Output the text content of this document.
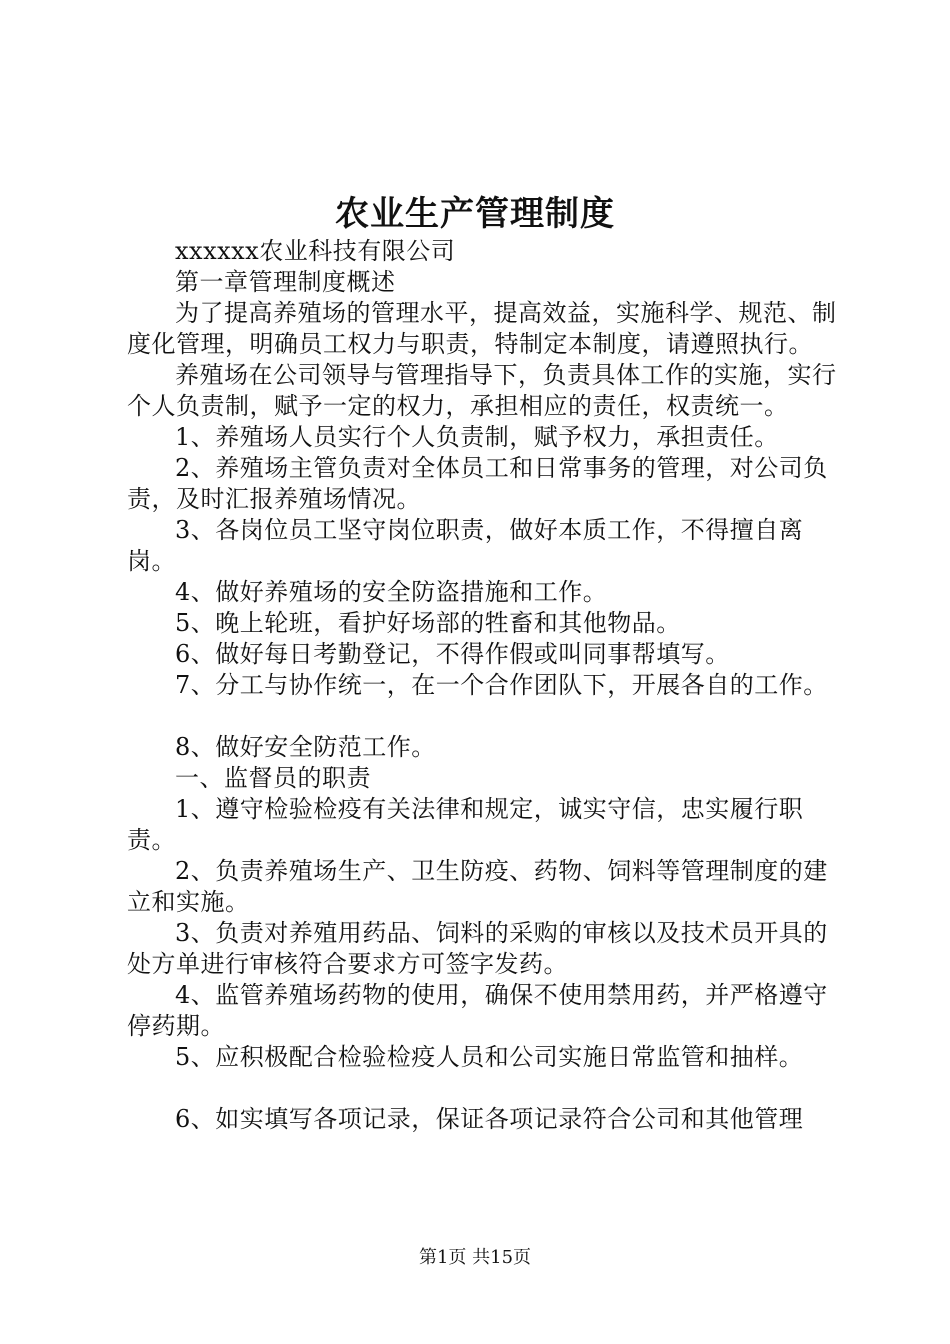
农业生产管理制度

xxxxxx农业科技有限公司

第一章管理制度概述

为了提高养殖场的管理水平，提高效益，实施科学、规范、制度化管理，明确员工权力与职责，特制定本制度，请遵照执行。

养殖场在公司领导与管理指导下，负责具体工作的实施，实行个人负责制，赋予一定的权力，承担相应的责任，权责统一。

1、养殖场人员实行个人负责制，赋予权力，承担责任。

2、养殖场主管负责对全体员工和日常事务的管理，对公司负责，及时汇报养殖场情况。

3、各岗位员工坚守岗位职责，做好本质工作，不得擅自离岗。

4、做好养殖场的安全防盗措施和工作。

5、晚上轮班，看护好场部的牲畜和其他物品。

6、做好每日考勤登记，不得作假或叫同事帮填写。

7、分工与协作统一，在一个合作团队下，开展各自的工作。

8、做好安全防范工作。

一、监督员的职责

1、遵守检验检疫有关法律和规定，诚实守信，忠实履行职责。

2、负责养殖场生产、卫生防疫、药物、饲料等管理制度的建立和实施。

3、负责对养殖用药品、饲料的采购的审核以及技术员开具的处方单进行审核符合要求方可签字发药。

4、监管养殖场药物的使用，确保不使用禁用药，并严格遵守停药期。

5、应积极配合检验检疫人员和公司实施日常监管和抽样。

6、如实填写各项记录，保证各项记录符合公司和其他管理

第1页 共15页
